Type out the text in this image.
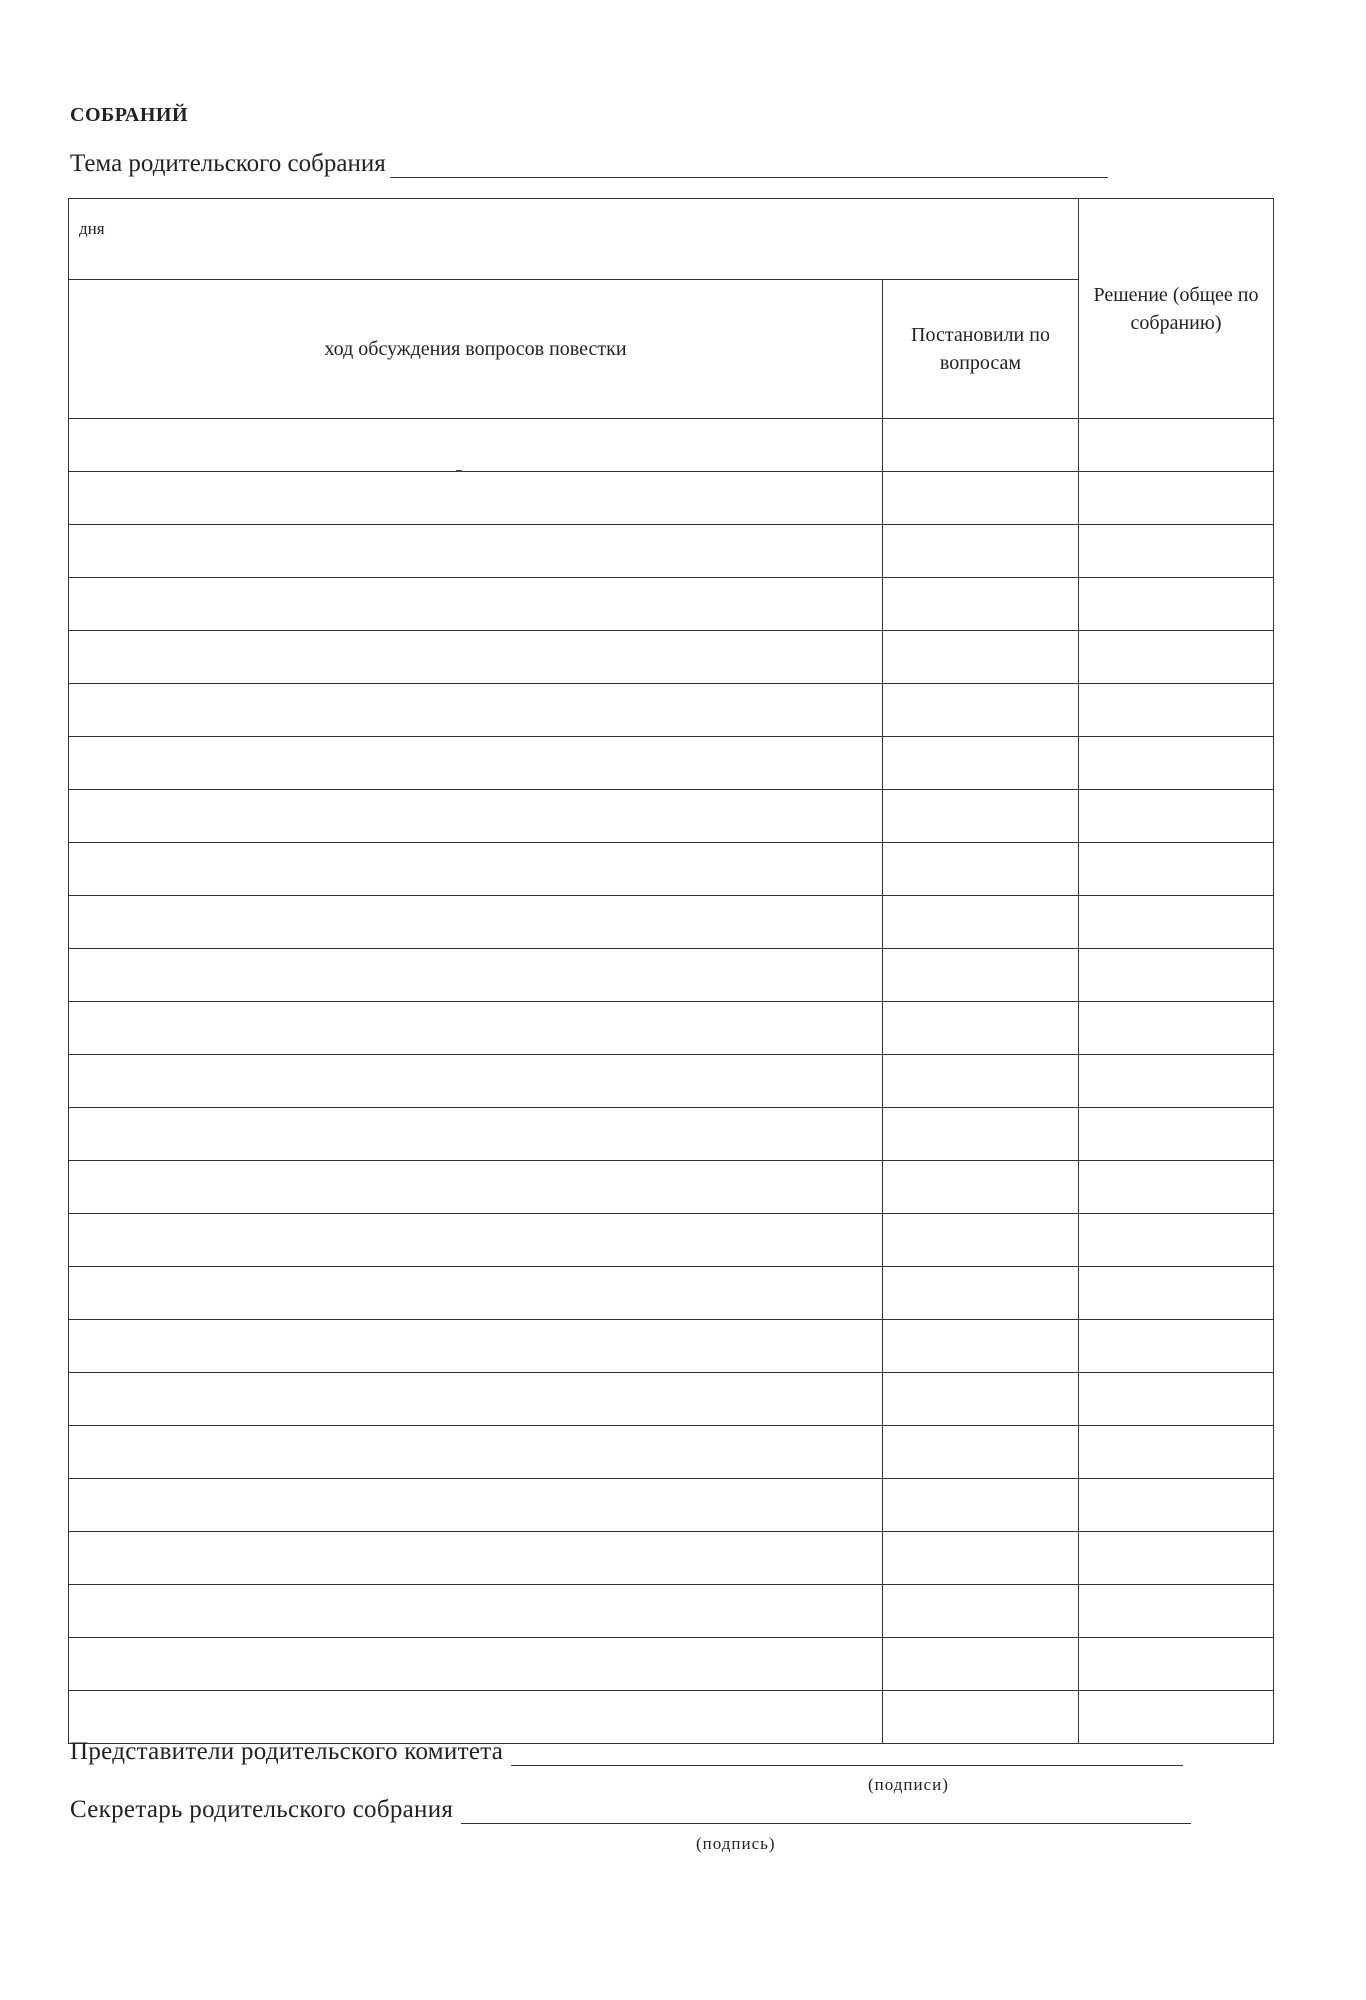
СОБРАНИЙ
Тема родительского собрания
дня		Решение (общее по собранию)
ход обсуждения вопросов повестки	Постановили по вопросам	

Представители родительского комитета
(подписи)
Секретарь родительского собрания
(подпись)
